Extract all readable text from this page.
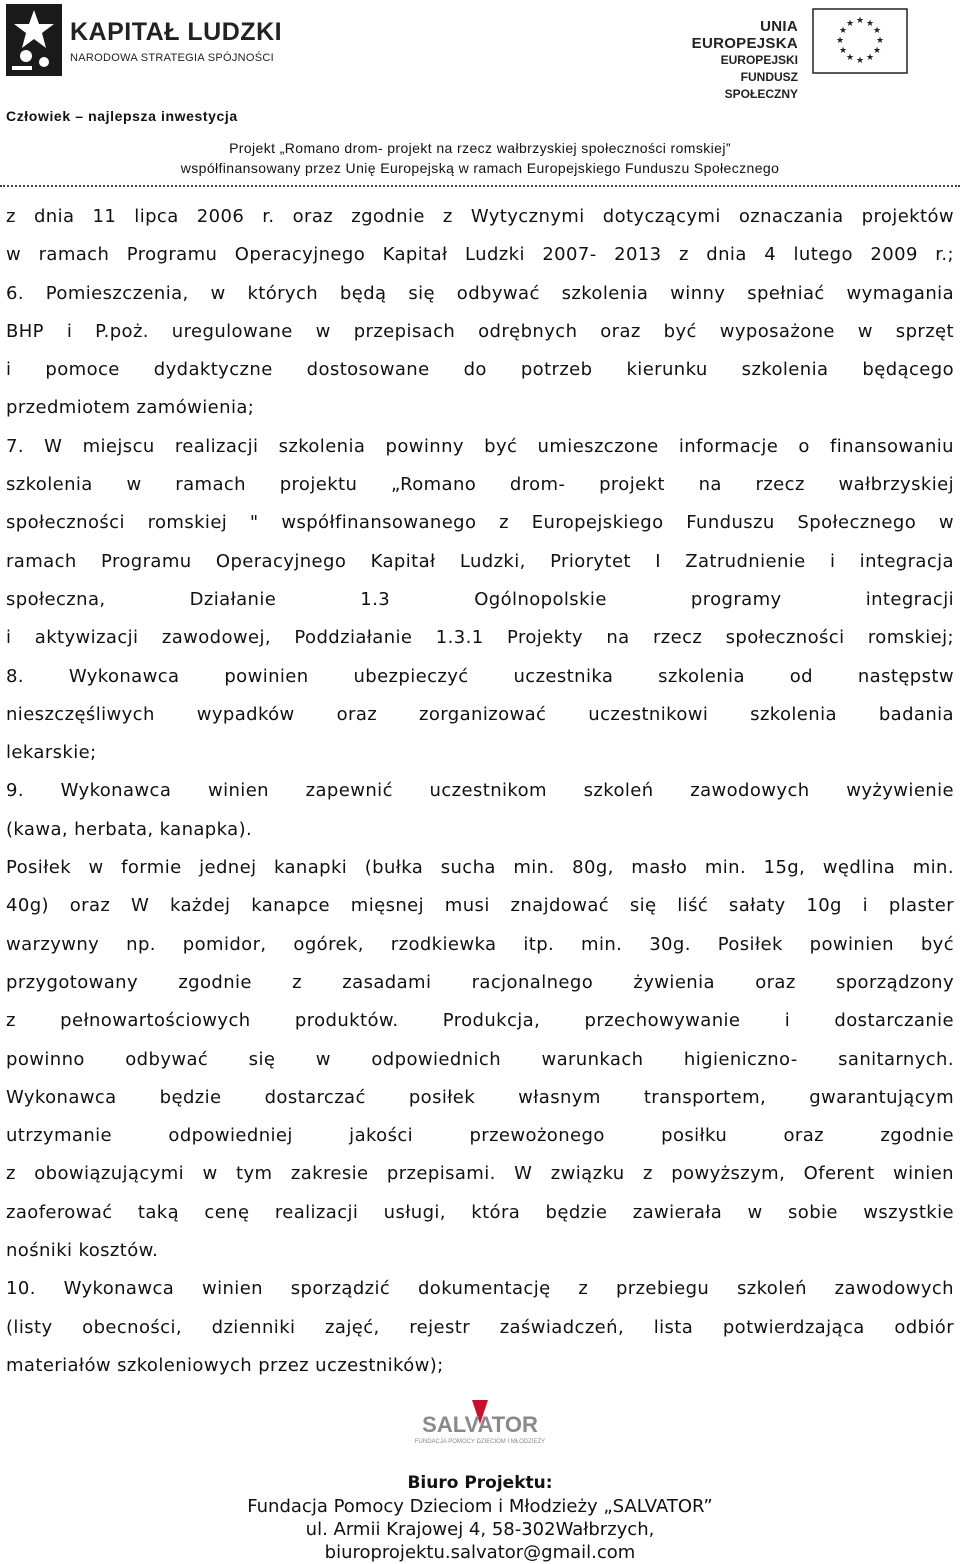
KAPITAŁ LUDZKI
NARODOWA STRATEGIA SPÓJNOŚCI
UNIA EUROPEJSKA
EUROPEJSKI
FUNDUSZ SPOŁECZNY
★ ★
★
★
★
★
★
★
★
★
★
★
Człowiek – najlepsza inwestycja
Projekt „Romano drom- projekt na rzecz wałbrzyskiej społeczności romskiej”
współfinansowany przez Unię Europejską w ramach Europejskiego Funduszu Społecznego

z dnia 11 lipca 2006 r. oraz zgodnie z Wytycznymi dotyczącymi oznaczania projektów

w ramach Programu Operacyjnego Kapitał Ludzki 2007- 2013 z dnia 4 lutego 2009 r.;

6. Pomieszczenia, w których będą się odbywać szkolenia winny spełniać wymagania

BHP i P.poż. uregulowane w przepisach odrębnych oraz być wyposażone w sprzęt

i pomoce dydaktyczne dostosowane do potrzeb kierunku szkolenia będącego

przedmiotem zamówienia;

7. W miejscu realizacji szkolenia powinny być umieszczone informacje o finansowaniu

szkolenia w ramach projektu „Romano drom- projekt na rzecz wałbrzyskiej

społeczności romskiej " współfinansowanego z Europejskiego Funduszu Społecznego w

ramach Programu Operacyjnego Kapitał Ludzki, Priorytet I Zatrudnienie i integracja

społeczna, Działanie 1.3 Ogólnopolskie programy integracji

i aktywizacji zawodowej, Poddziałanie 1.3.1 Projekty na rzecz społeczności romskiej;

8. Wykonawca powinien ubezpieczyć uczestnika szkolenia od następstw

nieszczęśliwych wypadków oraz zorganizować uczestnikowi szkolenia badania

lekarskie;

9. Wykonawca winien zapewnić uczestnikom szkoleń zawodowych wyżywienie

(kawa, herbata, kanapka).

Posiłek w formie jednej kanapki (bułka sucha min. 80g, masło min. 15g, wędlina min.

40g) oraz W każdej kanapce mięsnej musi znajdować się liść sałaty 10g i plaster

warzywny np. pomidor, ogórek, rzodkiewka itp. min. 30g. Posiłek powinien być

przygotowany zgodnie z zasadami racjonalnego żywienia oraz sporządzony

z pełnowartościowych produktów. Produkcja, przechowywanie i dostarczanie

powinno odbywać się w odpowiednich warunkach higieniczno- sanitarnych.

Wykonawca będzie dostarczać posiłek własnym transportem, gwarantującym

utrzymanie odpowiedniej jakości przewożonego posiłku oraz zgodnie

z obowiązującymi w tym zakresie przepisami. W związku z powyższym, Oferent winien

zaoferować taką cenę realizacji usługi, która będzie zawierała w sobie wszystkie

nośniki kosztów.

10. Wykonawca winien sporządzić dokumentację z przebiegu szkoleń zawodowych

(listy obecności, dzienniki zajęć, rejestr zaświadczeń, lista potwierdzająca odbiór

materiałów szkoleniowych przez uczestników);

SALVATOR
FUNDACJA POMOCY DZIECIOM I MŁODZIEŻY
Biuro Projektu:
Fundacja Pomocy Dzieciom i Młodzieży „SALVATOR”
ul. Armii Krajowej 4, 58-302Wałbrzych,
biuroprojektu.salvator@gmail.com
